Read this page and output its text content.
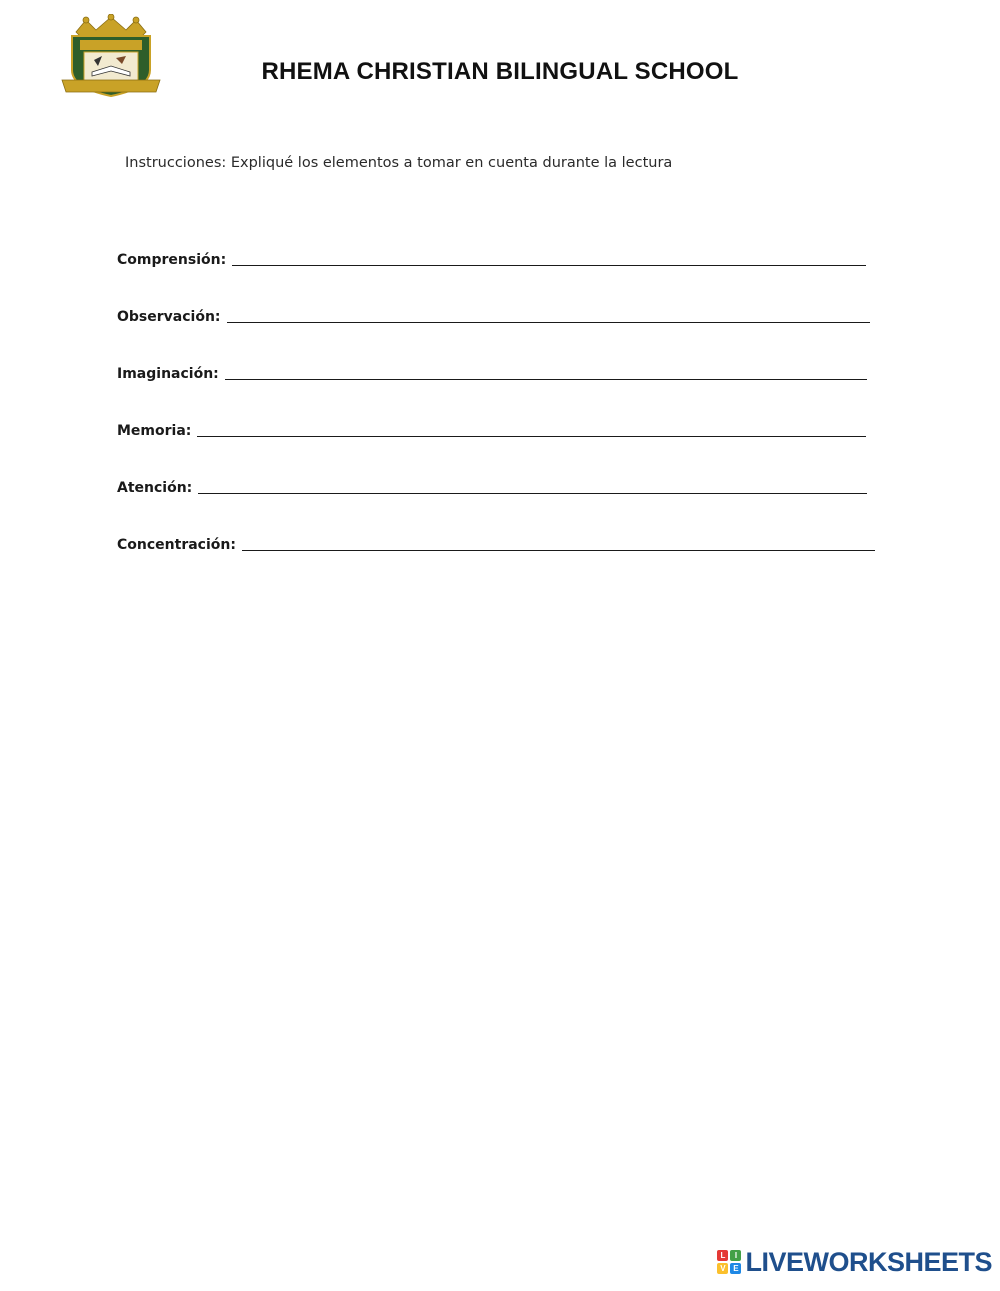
RHEMA CHRISTIAN BILINGUAL SCHOOL
Instrucciones: Expliqué los elementos a tomar en cuenta durante la lectura
Comprensión:
Observación:
Imaginación:
Memoria:
Atención:
Concentración:
L	I
V E LIVEWORKSHEETS
